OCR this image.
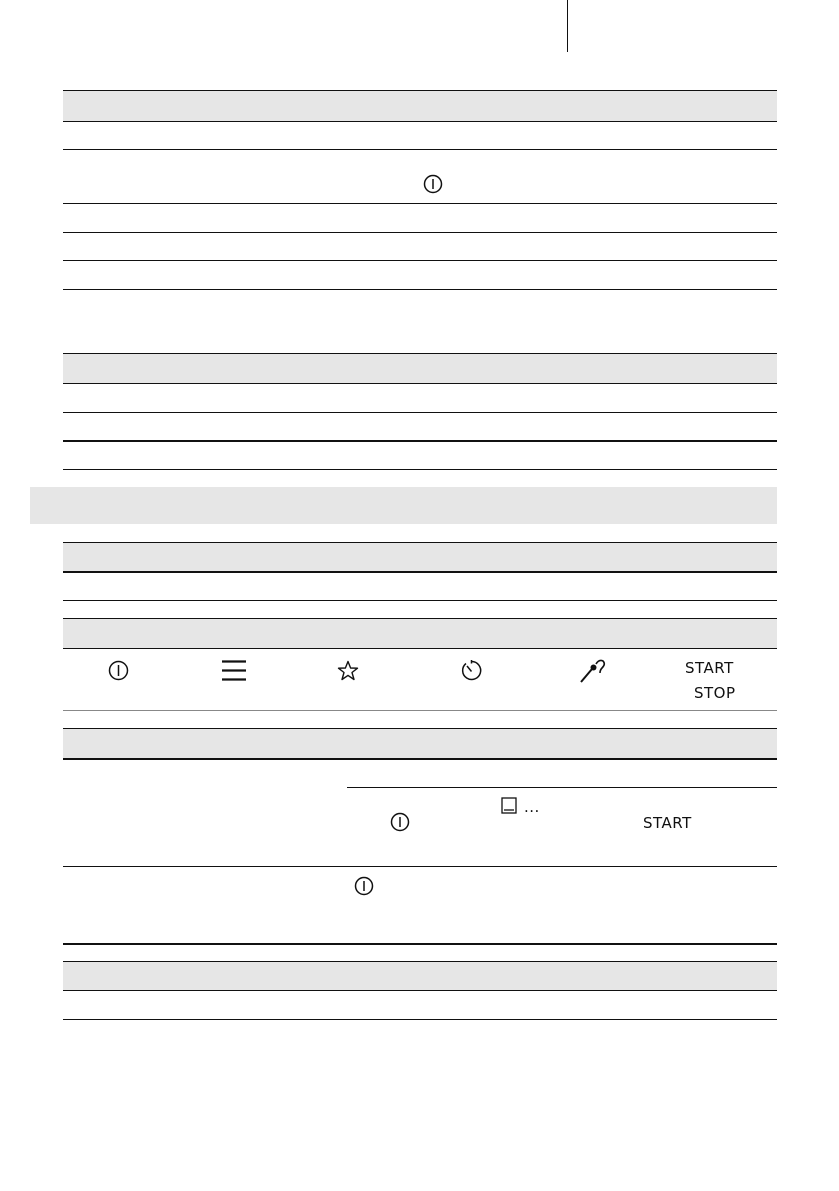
START
STOP
...
START
